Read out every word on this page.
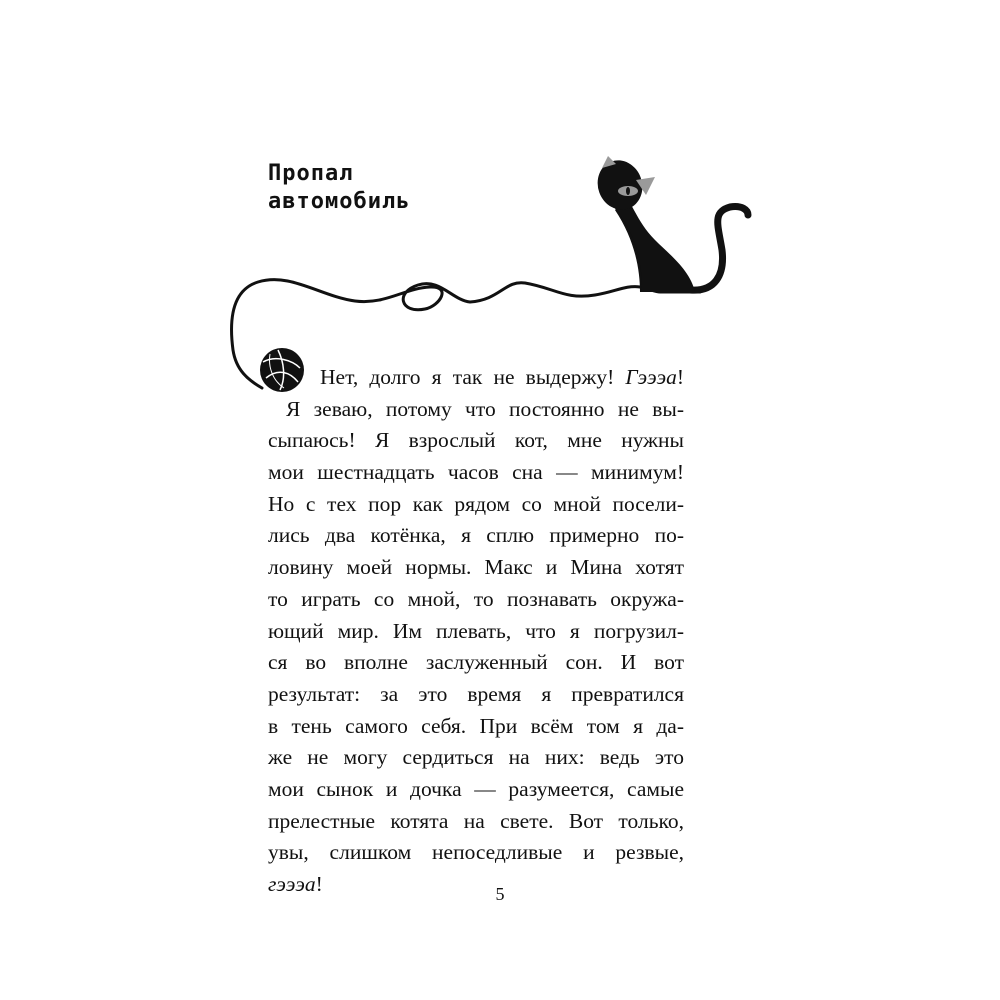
Пропал
автомобиль
Нет, долго я так не выдержу! Гэээа!
Я зеваю, потому что постоянно не вы-
сыпаюсь! Я взрослый кот, мне нужны
мои шестнадцать часов сна — минимум!
Но с тех пор как рядом со мной посели-
лись два котёнка, я сплю примерно по-
ловину моей нормы. Макс и Мина хотят
то играть со мной, то познавать окружа-
ющий мир. Им плевать, что я погрузил-
ся во вполне заслуженный сон. И вот
результат: за это время я превратился
в тень самого себя. При всём том я да-
же не могу сердиться на них: ведь это
мои сынок и дочка — разумеется, самые
прелестные котята на свете. Вот только,
увы, слишком непоседливые и резвые,
гэээа!	5
